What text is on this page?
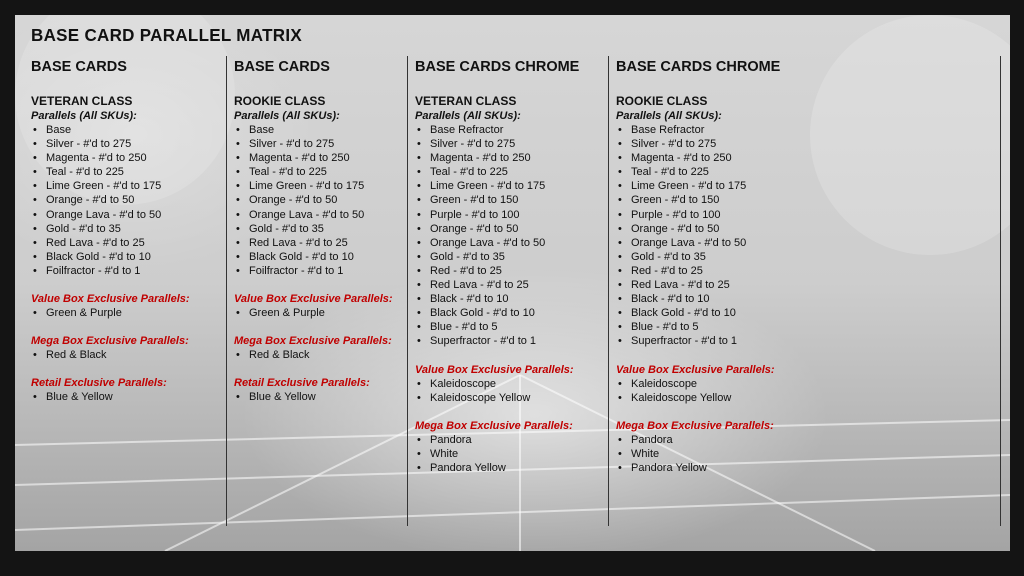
BASE CARD PARALLEL MATRIX
BASE CARDS
VETERAN CLASS
Parallels (All SKUs):
• Base
• Silver - #'d to 275
• Magenta - #'d to 250
• Teal - #'d to 225
• Lime Green - #'d to 175
• Orange - #'d to 50
• Orange Lava - #'d to 50
• Gold - #'d to 35
• Red Lava - #'d to 25
• Black Gold - #'d to 10
• Foilfractor - #'d to 1
Value Box Exclusive Parallels:
• Green & Purple
Mega Box Exclusive Parallels:
• Red & Black
Retail Exclusive Parallels:
• Blue & Yellow
BASE CARDS
ROOKIE CLASS
Parallels (All SKUs):
• Base
• Silver - #'d to 275
• Magenta - #'d to 250
• Teal - #'d to 225
• Lime Green - #'d to 175
• Orange - #'d to 50
• Orange Lava - #'d to 50
• Gold - #'d to 35
• Red Lava - #'d to 25
• Black Gold - #'d to 10
• Foilfractor - #'d to 1
Value Box Exclusive Parallels:
• Green & Purple
Mega Box Exclusive Parallels:
• Red & Black
Retail Exclusive Parallels:
• Blue & Yellow
BASE CARDS CHROME
VETERAN CLASS
Parallels (All SKUs):
• Base Refractor
• Silver - #'d to 275
• Magenta - #'d to 250
• Teal - #'d to 225
• Lime Green - #'d to 175
• Green - #'d to 150
• Purple - #'d to 100
• Orange - #'d to 50
• Orange Lava - #'d to 50
• Gold - #'d to 35
• Red - #'d to 25
• Red Lava - #'d to 25
• Black - #'d to 10
• Black Gold - #'d to 10
• Blue - #'d to 5
• Superfractor - #'d to 1
Value Box Exclusive Parallels:
• Kaleidoscope
• Kaleidoscope Yellow
Mega Box Exclusive Parallels:
• Pandora
• White
• Pandora Yellow
BASE CARDS CHROME
ROOKIE CLASS
Parallels (All SKUs):
• Base Refractor
• Silver - #'d to 275
• Magenta - #'d to 250
• Teal - #'d to 225
• Lime Green - #'d to 175
• Green - #'d to 150
• Purple - #'d to 100
• Orange - #'d to 50
• Orange Lava - #'d to 50
• Gold - #'d to 35
• Red - #'d to 25
• Red Lava - #'d to 25
• Black - #'d to 10
• Black Gold - #'d to 10
• Blue - #'d to 5
• Superfractor - #'d to 1
Value Box Exclusive Parallels:
• Kaleidoscope
• Kaleidoscope Yellow
Mega Box Exclusive Parallels:
• Pandora
• White
• Pandora Yellow
